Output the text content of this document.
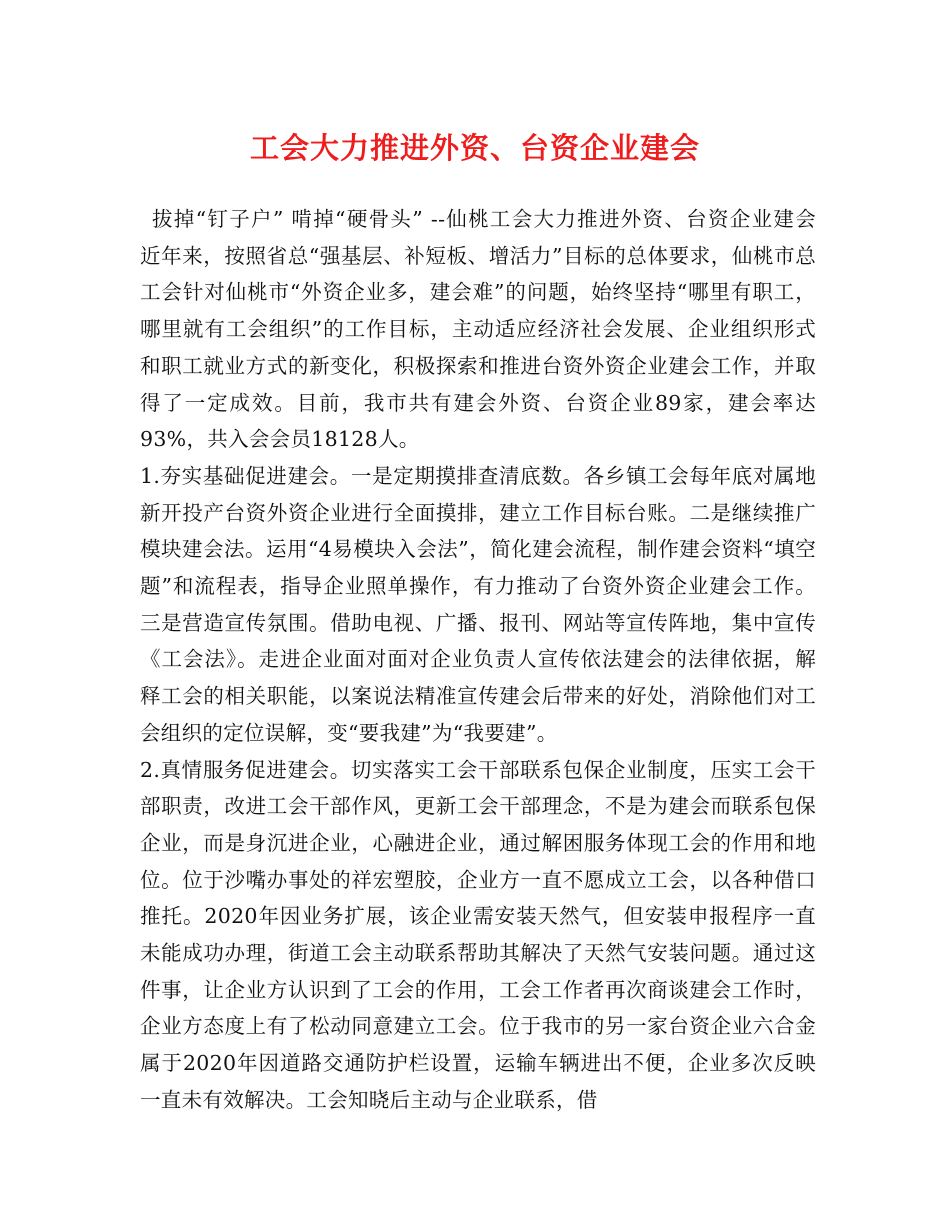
工会大力推进外资、台资企业建会

拔掉“钉子户” 啃掉“硬骨头” --仙桃工会大力推进外资、台资企业建会　近年来，按照省总“强基层、补短板、增活力”目标的总体要求，仙桃市总工会针对仙桃市“外资企业多，建会难”的问题，始终坚持“哪里有职工，哪里就有工会组织”的工作目标，主动适应经济社会发展、企业组织形式和职工就业方式的新变化，积极探索和推进台资外资企业建会工作，并取得了一定成效。目前，我市共有建会外资、台资企业89家，建会率达93%，共入会会员18128人。

1.夯实基础促进建会。一是定期摸排查清底数。各乡镇工会每年底对属地新开投产台资外资企业进行全面摸排，建立工作目标台账。二是继续推广模块建会法。运用“4易模块入会法”，简化建会流程，制作建会资料“填空题”和流程表，指导企业照单操作，有力推动了台资外资企业建会工作。三是营造宣传氛围。借助电视、广播、报刊、网站等宣传阵地，集中宣传《工会法》。走进企业面对面对企业负责人宣传依法建会的法律依据，解释工会的相关职能，以案说法精准宣传建会后带来的好处，消除他们对工会组织的定位误解，变“要我建”为“我要建”。

2.真情服务促进建会。切实落实工会干部联系包保企业制度，压实工会干部职责，改进工会干部作风，更新工会干部理念，不是为建会而联系包保企业，而是身沉进企业，心融进企业，通过解困服务体现工会的作用和地位。位于沙嘴办事处的祥宏塑胶，企业方一直不愿成立工会，以各种借口推托。2020年因业务扩展，该企业需安装天然气，但安装申报程序一直未能成功办理，街道工会主动联系帮助其解决了天然气安装问题。通过这件事，让企业方认识到了工会的作用，工会工作者再次商谈建会工作时，企业方态度上有了松动同意建立工会。位于我市的另一家台资企业六合金属于2020年因道路交通防护栏设置，运输车辆进出不便，企业多次反映一直未有效解决。工会知晓后主动与企业联系，借
